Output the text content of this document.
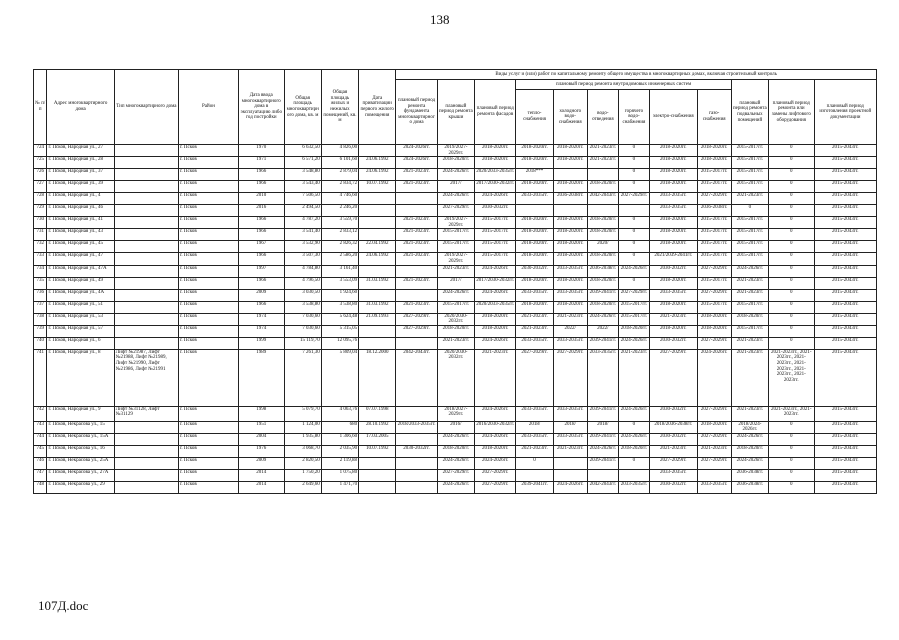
138
№ п/п	Адрес многоквартирного дома	Тип многоквартирного дома	Район	Дата ввода многоквартирного дома в эксплуатацию либо год постройки	Общая площадь многоквартирного дома, кв. м	Общая площадь жилых и нежилых помещений, кв. м	Дата приватизации первого жилого помещения	Виды услуг и (или) работ по капитальному ремонту общего имущества в многоквартирных домах, включая строительный контроль											
								плановый период ремонта фундамента многоквартирного дома	плановый период ремонта крыши	плановый период ремонта фасадов	плановый период ремонта внутридомовых инженерных систем						плановый период ремонта подвальных помещений	плановый период ремонта или замены лифтового оборудования	плановый период изготовления проектной документации
											тепло-снабжения	холодного водо-снабжения	водо-отведения	горячего водо-снабжения	электро-снабжения	газо-снабжения			
724	г. Псков, Народная ул., 27		г. Псков	1970	6 632,50	4 826,00		2024-2026гг.	2019/2027-2029гг.	2018-2020гг.	2018-2020гг.	2018-2020гг.	2021-2023гг.	0	2018-2020гг.	2018-2020гг.	2015-2017гг.	0	2015-2043гг.
725	г. Псков, Народная ул., 28		г. Псков	1971	6 571,20	6 101,60	24.06.1992	2024-2026гг.	2018-2020гг.	2018-2020гг.	2018-2020гг.	2018-2020гг.	2021-2023гг.	0	2018-2020гг.	2018-2020гг.	2015-2017гг.	0	2015-2043гг.
726	г. Псков, Народная ул., 37		г. Псков	1966	3 548,80	2 879,04	24.06.1992	2021-2023гг.	2024-2026гг.	2020/2033-2035гг.	2018***			0	2018-2020гг.	2015-2017гг.	2015-2017гг.	0	2015-2043гг.
727	г. Псков, Народная ул., 39		г. Псков	1966	3 543,40	2 834,72	10.07.1992	2021-2023гг.	2017/	2017/2030-2032гг.	2018-2020гг.	2018-2020гг.	2018-2020гг.	0	2018-2020гг.	2015-2017гг.	2015-2017гг.	0	2015-2043гг.
728	г. Псков, Народная ул., 4		г. Псков	2010	7 506,50	4 746,60			2024-2026гг.	2024-2026гг.	2033-2035гг.	2036-2038гг.	2042-2043гг.	2027-2029гг.	2033-2035гг.	2027-2029гг.	2021-2023гг.	0	2015-2043гг.
729	г. Псков, Народная ул., 4б		г. Псков	2016	2 494,50	2 246,20			2027-2029гг.	2030-2032гг.					2033-2035гг.	2036-2038гг.	0	0	2015-2043гг.
730	г. Псков, Народная ул., 41		г. Псков	1966	4 787,20	3 559,70		2021-2023гг.	2019/2027-2029гг.	2015-2017гг.	2018-2020гг.	2018-2020гг.	2018-2020гг.	0	2018-2020гг.	2015-2017гг.	2015-2017гг.	0	2015-2043гг.
731	г. Псков, Народная ул., 43		г. Псков	1966	3 541,40	2 833,12		2021-2023гг.	2015-2017гг.	2015-2017гг.	2018-2020гг.	2018-2020гг.	2018-2020гг.	0	2018-2020гг.	2015-2017гг.	2015-2017гг.	0	2015-2043гг.
732	г. Псков, Народная ул., 45		г. Псков	1967	3 532,90	2 826,32	22.04.1992	2021-2023гг.	2015-2017гг.	2015-2017гг.	2018-2020гг.	2018-2020гг.	2020/	0	2018-2020гг.	2015-2017гг.	2015-2017гг.	0	2015-2043гг.
733	г. Псков, Народная ул., 47		г. Псков	1966	3 507,30	2 586,20	24.06.1992	2021-2023гг.	2019/2027-2029гг.	2015-2017гг.	2018-2020гг.	2018-2020гг.	2018-2020гг.	0	2021/2039-2041гг.	2015-2017гг.	2015-2017гг.	0	2015-2043гг.
734	г. Псков, Народная ул., 47А		г. Псков	1997	4 784,80	3 161,40			2021-2023гг.	2024-2026гг.	2030-2032гг.	2033-2035гг.	2036-2038гг.	2024-2026гг.	2030-2032гг.	2027-2029гг.	2024-2026гг.	0	2015-2043гг.
735	г. Псков, Народная ул., 49		г. Псков	1966	4 796,50	3 553,09	31.03.1992	2021-2023гг.	2017/	2017/2030-2032гг.	2018-2020гг.	2018-2020гг.	2018-2020гг.	0	2018-2020гг.	2015-2017гг.	2021-2023гг.	0	2015-2043гг.
736	г. Псков, Народная ул., 4А		г. Псков	2009	3 030,50	1 924,60			2024-2026гг.	2024-2026гг.	2033-2035гг.	2033-2035гг.	2039-2041гг.	2027-2029гг.	2033-2035гг.	2027-2029гг.	2021-2023гг.	0	2015-2043гг.
737	г. Псков, Народная ул., 51		г. Псков	1966	3 538,80	3 538,80	31.03.1992	2021-2023гг.	2015-2017гг.	2020/2033-2035гг.	2018-2020гг.	2018-2020гг.	2018-2020гг.	2015-2017гг.	2018-2020гг.	2015-2017гг.	2015-2017гг.	0	2015-2043гг.
738	г. Псков, Народная ул., 53		г. Псков	1974	7 030,60	5 624,48	21.09.1993	2027-2029гг.	2020/2030-2032гг.	2018-2020гг.	2021-2023гг.	2021-2023гг.	2024-2026гг.	2015-2017гг.	2021-2023гг.	2018-2020гг.	2018-2020гг.	0	2015-2043гг.
739	г. Псков, Народная ул., 57		г. Псков	1974	7 030,60	5 315,05		2027-2029гг.	2018-2020гг.	2018-2020гг.	2021-2023гг.	2022/	2022/	2018-2020гг.	2018-2020гг.	2018-2020гг.	2015-2017гг.	0	2015-2043гг.
740	г. Псков, Народная ул., 6		г. Псков	1999	15 119,70	12 095,76			2021-2023гг.	2024-2026гг.	2033-2035гг.	2033-2035гг.	2039-2041гг.	2024-2026гг.	2030-2032гг.	2027-2029гг.	2021-2023гг.	0	2015-2043гг.
741	г. Псков, Народная ул., 8	Лифт №21987, Лифт №21988, Лифт №21989, Лифт №21990, Лифт №21986, Лифт №21991	г. Псков	1989	7 261,30	5 809,04	18.12.2000	2042-2043гг.	2020/2030-2032гг.	2021-2023гг.	2027-2029гг.	2027-2029гг.	2033-2035гг.	2021-2023гг.	2027-2029гг.	2024-2026гг.	2021-2023гг.	2021-2023гг., 2021-2023гг., 2021-2023гг., 2021-2023гг., 2021-2023гг., 2021-2023гг.	2015-2043гг.
742	г. Псков, Народная ул., 9	Лифт №31128, Лифт №31129	г. Псков	1998	5 079,70	4 063,76	07.07.1998		2018/2027-2029гг.	2024-2026гг.	2033-2035гг.	2033-2035гг.	2039-2041гг.	2024-2026гг.	2030-2032гг.	2027-2029гг.	2021-2023гг.	2021-2023гг., 2021-2023гг.	2015-2043гг.
743	г. Псков, Некрасова ул., 15		г. Псков	1951	1 124,00	680	28.10.1992	2018/2033-2035гг.	2016/	2016/2030-2032гг.	2018/	2018/	2018/	0	2018/2036-2038гг.	2018-2020гг.	2018/2024-2026гг.	0	2015-2043гг.
744	г. Псков, Некрасова ул., 15А		г. Псков	2004	1 935,80	1 306,60	17.03.2005		2024-2026гг.	2024-2026гг.	2033-2035гг.	2033-2035гг.	2039-2041гг.	2024-2026гг.	2030-2032гг.	2027-2029гг.	2024-2026гг.	0	2015-2043гг.
745	г. Псков, Некрасова ул., 16		г. Псков	1976	3 068,70	2 035,90	10.07.1992	2030-2032гг.	2018-2020гг.	2018-2020гг.	2021-2023гг.	2021-2023гг.	2024-2026гг.	2018-2020гг.	2021-2023гг.	2021-2023гг.	2018-2020гг.	0	2015-2043гг.
746	г. Псков, Некрасова ул., 25А		г. Псков	2009	2 820,50	2 119,88			2024-2026гг.	2024-2026гг.	0		2039-2041гг.	0	2027-2029гг.	2027-2029гг.	2024-2026гг.	0	2015-2043гг.
747	г. Псков, Некрасова ул., 27А		г. Псков	2014	1 750,20	1 075,80			2027-2029гг.	2027-2029гг.					2033-2035гг.		2036-2038гг.	0	2015-2043гг.
748	г. Псков, Некрасова ул., 29		г. Псков	2014	2 649,60	1 471,70			2024-2026гг.	2027-2029гг.	2039-2041гг.	2024-2026гг.	2042-2043гг.	2033-2035гг.	2030-2032гг.	2033-2035гг.	2036-2038гг.	0	2015-2043гг.
107Д.doc
